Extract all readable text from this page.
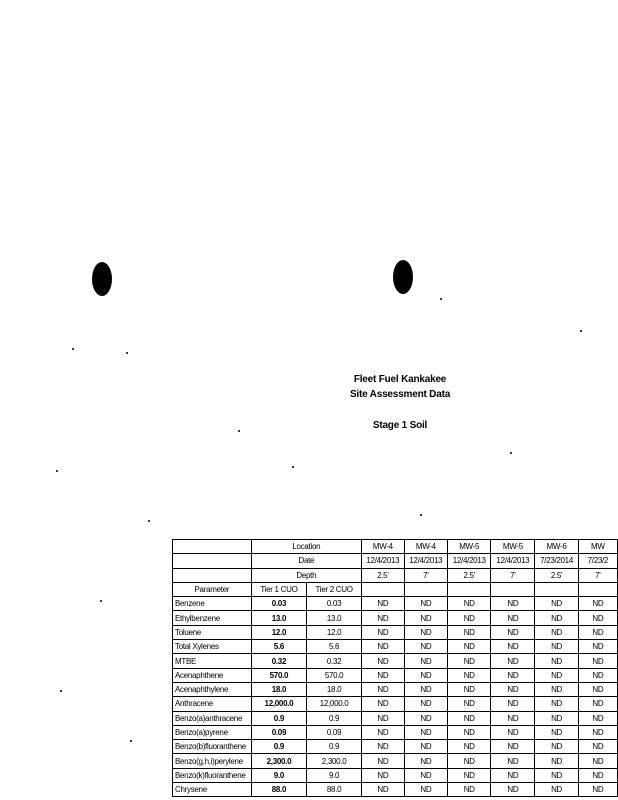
Fleet Fuel Kankakee
Site Assessment Data
Stage 1 Soil
	Location		MW-4	MW-4	MW-5	MW-5	MW-6	MW
	Date		12/4/2013	12/4/2013	12/4/2013	12/4/2013	7/23/2014	7/23/2
	Depth		2.5'	7'	2.5'	7'	2.5'	7'
Parameter	Tier 1 CUO	Tier 2 CUO						
Benzene	0.03	0.03	ND	ND	ND	ND	ND	ND
Ethylbenzene	13.0	13.0	ND	ND	ND	ND	ND	ND
Toluene	12.0	12.0	ND	ND	ND	ND	ND	ND
Total Xylenes	5.6	5.6	ND	ND	ND	ND	ND	ND
MTBE	0.32	0.32	ND	ND	ND	ND	ND	ND
Acenaphthene	570.0	570.0	ND	ND	ND	ND	ND	ND
Acenaphthylene	18.0	18.0	ND	ND	ND	ND	ND	ND
Anthracene	12,000.0	12,000.0	ND	ND	ND	ND	ND	ND
Benzo(a)anthracene	0.9	0.9	ND	ND	ND	ND	ND	ND
Benzo(a)pyrene	0.09	0.09	ND	ND	ND	ND	ND	ND
Benzo(b)fluoranthene	0.9	0.9	ND	ND	ND	ND	ND	ND
Benzo(g,h,i)perylene	2,300.0	2,300.0	ND	ND	ND	ND	ND	ND
Benzo(k)fluoranthene	9.0	9.0	ND	ND	ND	ND	ND	ND
Chrysene	88.0	88.0	ND	ND	ND	ND	ND	ND
